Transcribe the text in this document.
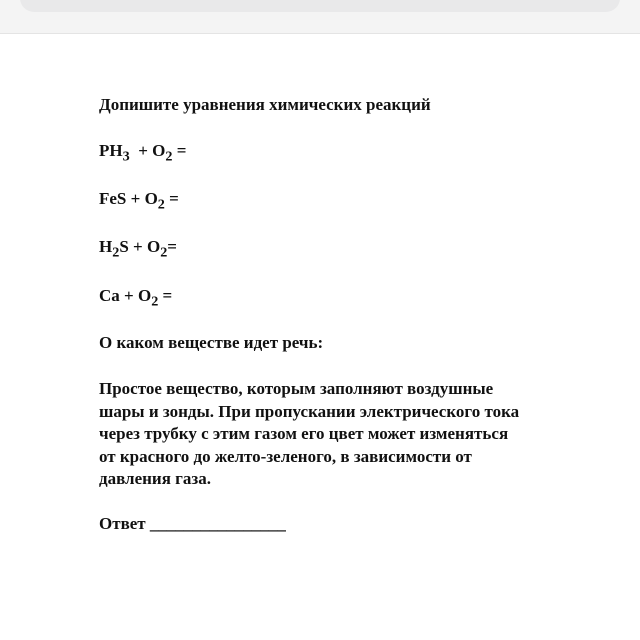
Допишите уравнения химических реакций

$PH_3 + O_2$ =

FeS + $O_2$ =

$H_2S + O_2=$

$Ca + O_2$ =

О каком веществе идет речь:

Простое вещество, которым заполняют воздушные

шары и зонды. При пропускании электрического тока

через трубку с этим газом его цвет может изменяться

от красного до желто-зеленого, в зависимости от

давления газа.

Ответ ________________
